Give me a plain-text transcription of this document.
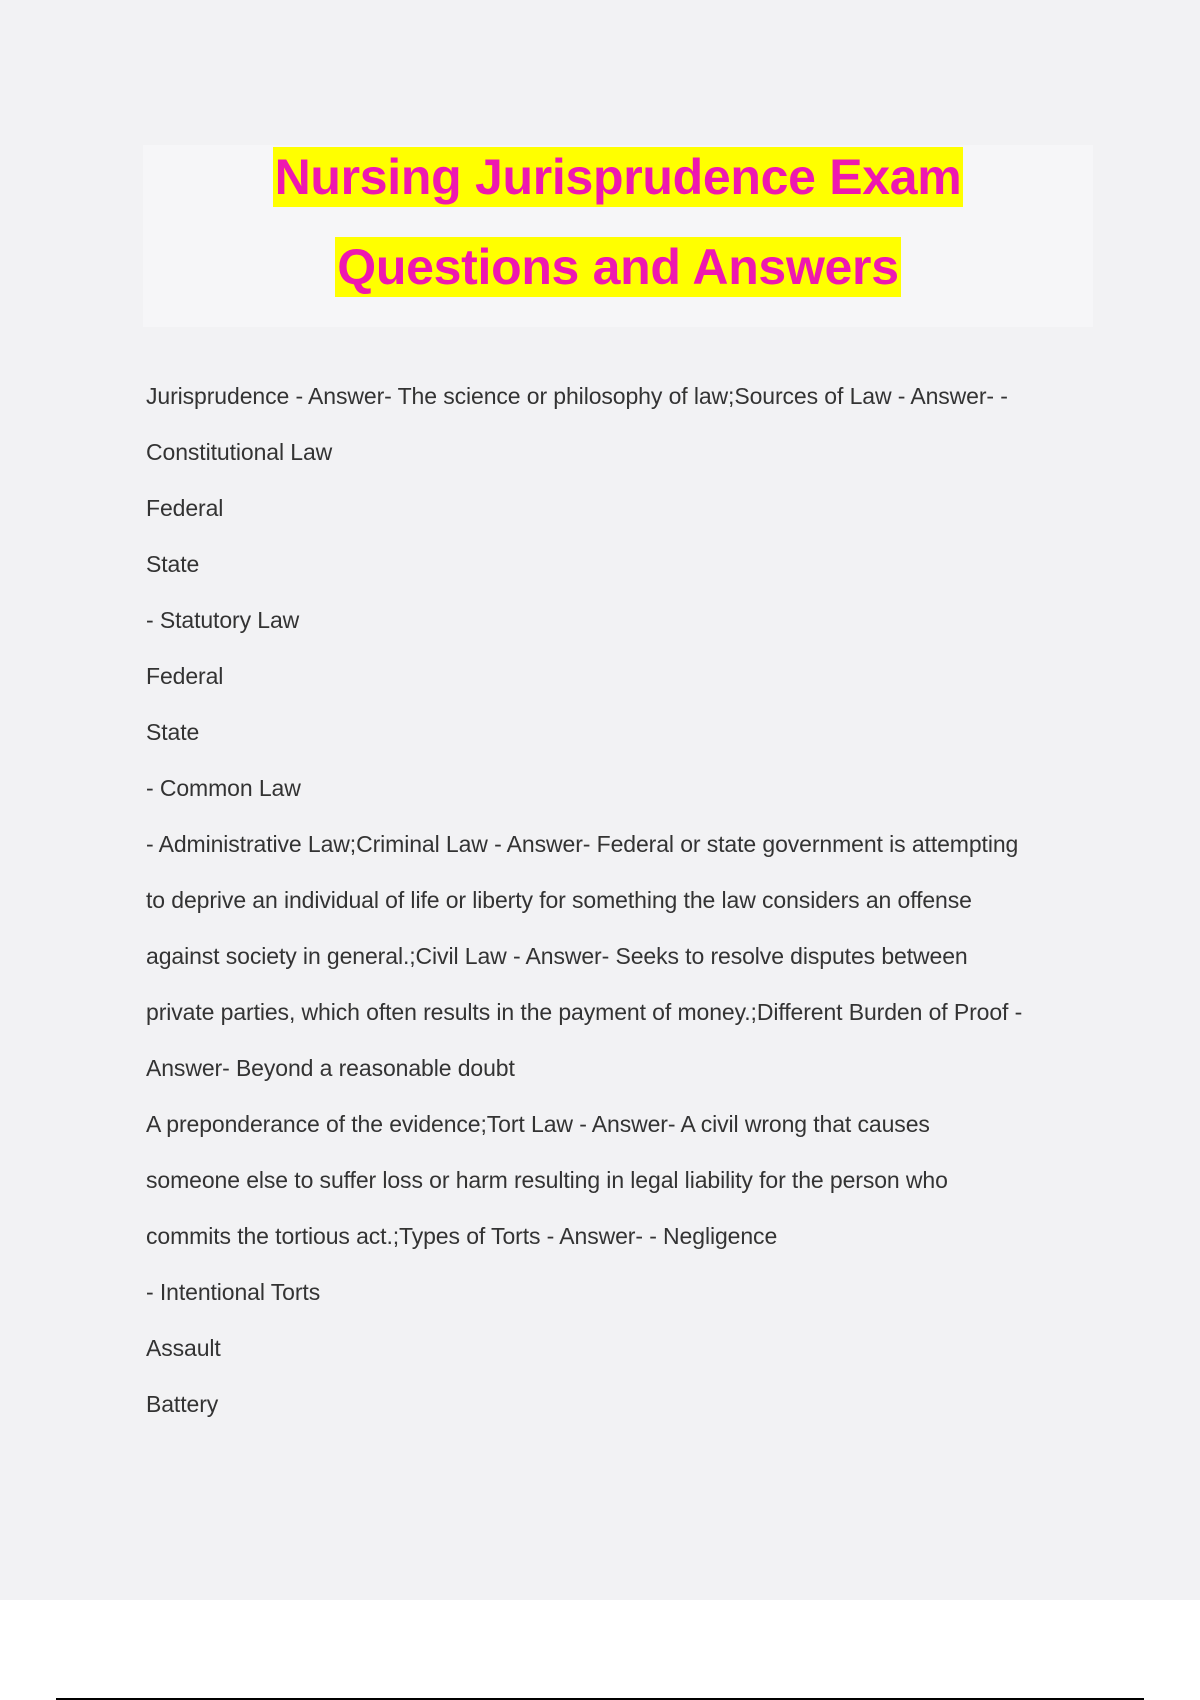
Nursing Jurisprudence Exam
Questions and Answers
Jurisprudence - Answer- The science or philosophy of law;Sources of Law - Answer- -
Constitutional Law
Federal
State
- Statutory Law
Federal
State
- Common Law
- Administrative Law;Criminal Law - Answer- Federal or state government is attempting
to deprive an individual of life or liberty for something the law considers an offense
against society in general.;Civil Law - Answer- Seeks to resolve disputes between
private parties, which often results in the payment of money.;Different Burden of Proof -
Answer- Beyond a reasonable doubt
A preponderance of the evidence;Tort Law - Answer- A civil wrong that causes
someone else to suffer loss or harm resulting in legal liability for the person who
commits the tortious act.;Types of Torts - Answer- - Negligence
- Intentional Torts
Assault
Battery
